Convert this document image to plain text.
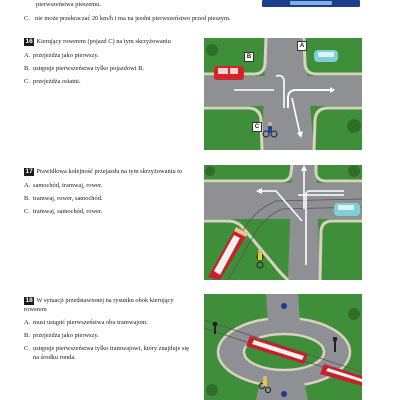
pierwszeństwa pieszemu.
C. nie może przekraczać 20 km/h i ma na jezdni pierwszeństwo przed pieszym.
16 Kierujący rowerem (pojazd C) na tym skrzyżowaniu
A. przejeżdża jako pierwszy.
B. ustępuje pierwszeństwa tylko pojazdowi B.
C. przejeżdża ostatni.
A
B
C
17 Prawidłowa kolejność przejazdu na tym skrzyżowaniu to
A. samochód, tramwaj, rower.
B. tramwaj, rower, samochód.
C. tramwaj, samochód, rower.
18 W sytuacji przedstawionej na rysunku obok kierujący rowerem
A. musi ustąpić pierwszeństwa obu tramwajom.
B. przejeżdża jako pierwszy.
C. ustępuje pierwszeństwa tylko tramwajowi, który znajduje się na środku ronda.
